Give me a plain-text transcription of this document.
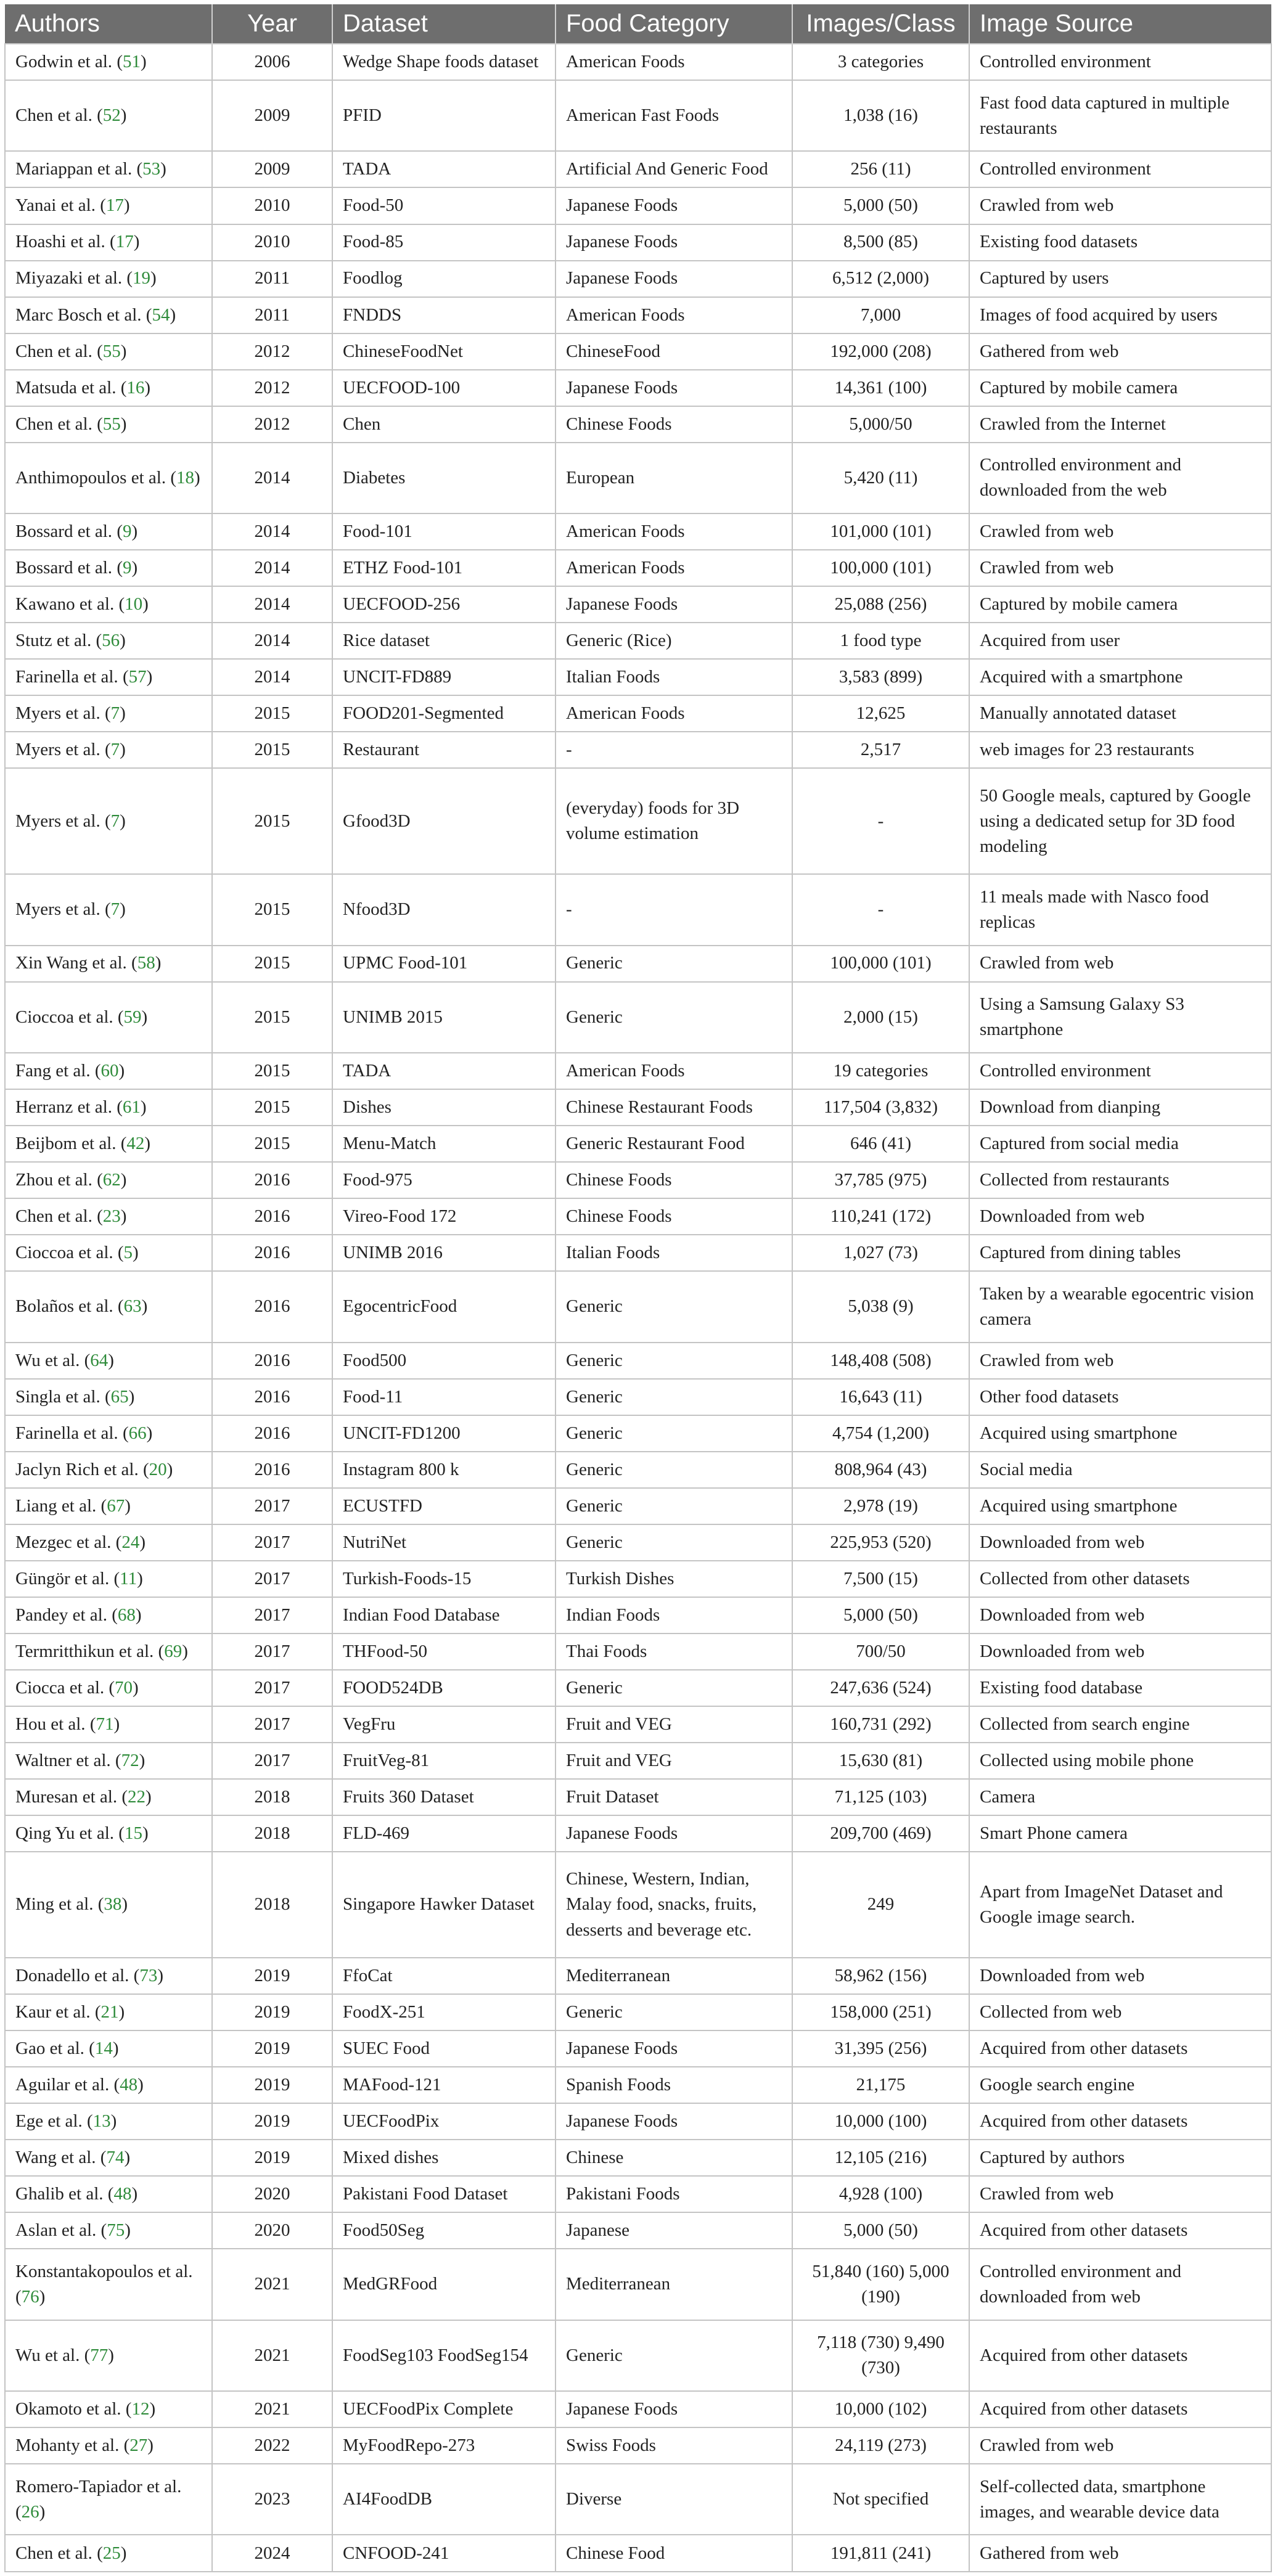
Authors	Year	Dataset	Food Category	Images/Class	Image Source
Godwin et al. (51)	2006	Wedge Shape foods dataset	American Foods	3 categories	Controlled environment
Chen et al. (52)	2009	PFID	American Fast Foods	1,038 (16)	Fast food data captured in multiple restaurants
Mariappan et al. (53)	2009	TADA	Artificial And Generic Food	256 (11)	Controlled environment
Yanai et al. (17)	2010	Food-50	Japanese Foods	5,000 (50)	Crawled from web
Hoashi et al. (17)	2010	Food-85	Japanese Foods	8,500 (85)	Existing food datasets
Miyazaki et al. (19)	2011	Foodlog	Japanese Foods	6,512 (2,000)	Captured by users
Marc Bosch et al. (54)	2011	FNDDS	American Foods	7,000	Images of food acquired by users
Chen et al. (55)	2012	ChineseFoodNet	ChineseFood	192,000 (208)	Gathered from web
Matsuda et al. (16)	2012	UECFOOD-100	Japanese Foods	14,361 (100)	Captured by mobile camera
Chen et al. (55)	2012	Chen	Chinese Foods	5,000/50	Crawled from the Internet
Anthimopoulos et al. (18)	2014	Diabetes	European	5,420 (11)	Controlled environment and downloaded from the web
Bossard et al. (9)	2014	Food-101	American Foods	101,000 (101)	Crawled from web
Bossard et al. (9)	2014	ETHZ Food-101	American Foods	100,000 (101)	Crawled from web
Kawano et al. (10)	2014	UECFOOD-256	Japanese Foods	25,088 (256)	Captured by mobile camera
Stutz et al. (56)	2014	Rice dataset	Generic (Rice)	1 food type	Acquired from user
Farinella et al. (57)	2014	UNCIT-FD889	Italian Foods	3,583 (899)	Acquired with a smartphone
Myers et al. (7)	2015	FOOD201-Segmented	American Foods	12,625	Manually annotated dataset
Myers et al. (7)	2015	Restaurant	-	2,517	web images for 23 restaurants
Myers et al. (7)	2015	Gfood3D	(everyday) foods for 3D volume estimation	-	50 Google meals, captured by Google using a dedicated setup for 3D food modeling
Myers et al. (7)	2015	Nfood3D	-	-	11 meals made with Nasco food replicas
Xin Wang et al. (58)	2015	UPMC Food-101	Generic	100,000 (101)	Crawled from web
Cioccoa et al. (59)	2015	UNIMB 2015	Generic	2,000 (15)	Using a Samsung Galaxy S3 smartphone
Fang et al. (60)	2015	TADA	American Foods	19 categories	Controlled environment
Herranz et al. (61)	2015	Dishes	Chinese Restaurant Foods	117,504 (3,832)	Download from dianping
Beijbom et al. (42)	2015	Menu-Match	Generic Restaurant Food	646 (41)	Captured from social media
Zhou et al. (62)	2016	Food-975	Chinese Foods	37,785 (975)	Collected from restaurants
Chen et al. (23)	2016	Vireo-Food 172	Chinese Foods	110,241 (172)	Downloaded from web
Cioccoa et al. (5)	2016	UNIMB 2016	Italian Foods	1,027 (73)	Captured from dining tables
Bolaños et al. (63)	2016	EgocentricFood	Generic	5,038 (9)	Taken by a wearable egocentric vision camera
Wu et al. (64)	2016	Food500	Generic	148,408 (508)	Crawled from web
Singla et al. (65)	2016	Food-11	Generic	16,643 (11)	Other food datasets
Farinella et al. (66)	2016	UNCIT-FD1200	Generic	4,754 (1,200)	Acquired using smartphone
Jaclyn Rich et al. (20)	2016	Instagram 800 k	Generic	808,964 (43)	Social media
Liang et al. (67)	2017	ECUSTFD	Generic	2,978 (19)	Acquired using smartphone
Mezgec et al. (24)	2017	NutriNet	Generic	225,953 (520)	Downloaded from web
Güngör et al. (11)	2017	Turkish-Foods-15	Turkish Dishes	7,500 (15)	Collected from other datasets
Pandey et al. (68)	2017	Indian Food Database	Indian Foods	5,000 (50)	Downloaded from web
Termritthikun et al. (69)	2017	THFood-50	Thai Foods	700/50	Downloaded from web
Ciocca et al. (70)	2017	FOOD524DB	Generic	247,636 (524)	Existing food database
Hou et al. (71)	2017	VegFru	Fruit and VEG	160,731 (292)	Collected from search engine
Waltner et al. (72)	2017	FruitVeg-81	Fruit and VEG	15,630 (81)	Collected using mobile phone
Muresan et al. (22)	2018	Fruits 360 Dataset	Fruit Dataset	71,125 (103)	Camera
Qing Yu et al. (15)	2018	FLD-469	Japanese Foods	209,700 (469)	Smart Phone camera
Ming et al. (38)	2018	Singapore Hawker Dataset	Chinese, Western, Indian, Malay food, snacks, fruits, desserts and beverage etc.	249	Apart from ImageNet Dataset and Google image search.
Donadello et al. (73)	2019	FfoCat	Mediterranean	58,962 (156)	Downloaded from web
Kaur et al. (21)	2019	FoodX-251	Generic	158,000 (251)	Collected from web
Gao et al. (14)	2019	SUEC Food	Japanese Foods	31,395 (256)	Acquired from other datasets
Aguilar et al. (48)	2019	MAFood-121	Spanish Foods	21,175	Google search engine
Ege et al. (13)	2019	UECFoodPix	Japanese Foods	10,000 (100)	Acquired from other datasets
Wang et al. (74)	2019	Mixed dishes	Chinese	12,105 (216)	Captured by authors
Ghalib et al. (48)	2020	Pakistani Food Dataset	Pakistani Foods	4,928 (100)	Crawled from web
Aslan et al. (75)	2020	Food50Seg	Japanese	5,000 (50)	Acquired from other datasets
Konstantakopoulos et al. (76)	2021	MedGRFood	Mediterranean	51,840 (160) 5,000 (190)	Controlled environment and downloaded from web
Wu et al. (77)	2021	FoodSeg103 FoodSeg154	Generic	7,118 (730) 9,490 (730)	Acquired from other datasets
Okamoto et al. (12)	2021	UECFoodPix Complete	Japanese Foods	10,000 (102)	Acquired from other datasets
Mohanty et al. (27)	2022	MyFoodRepo-273	Swiss Foods	24,119 (273)	Crawled from web
Romero-Tapiador et al. (26)	2023	AI4FoodDB	Diverse	Not specified	Self-collected data, smartphone images, and wearable device data
Chen et al. (25)	2024	CNFOOD-241	Chinese Food	191,811 (241)	Gathered from web
